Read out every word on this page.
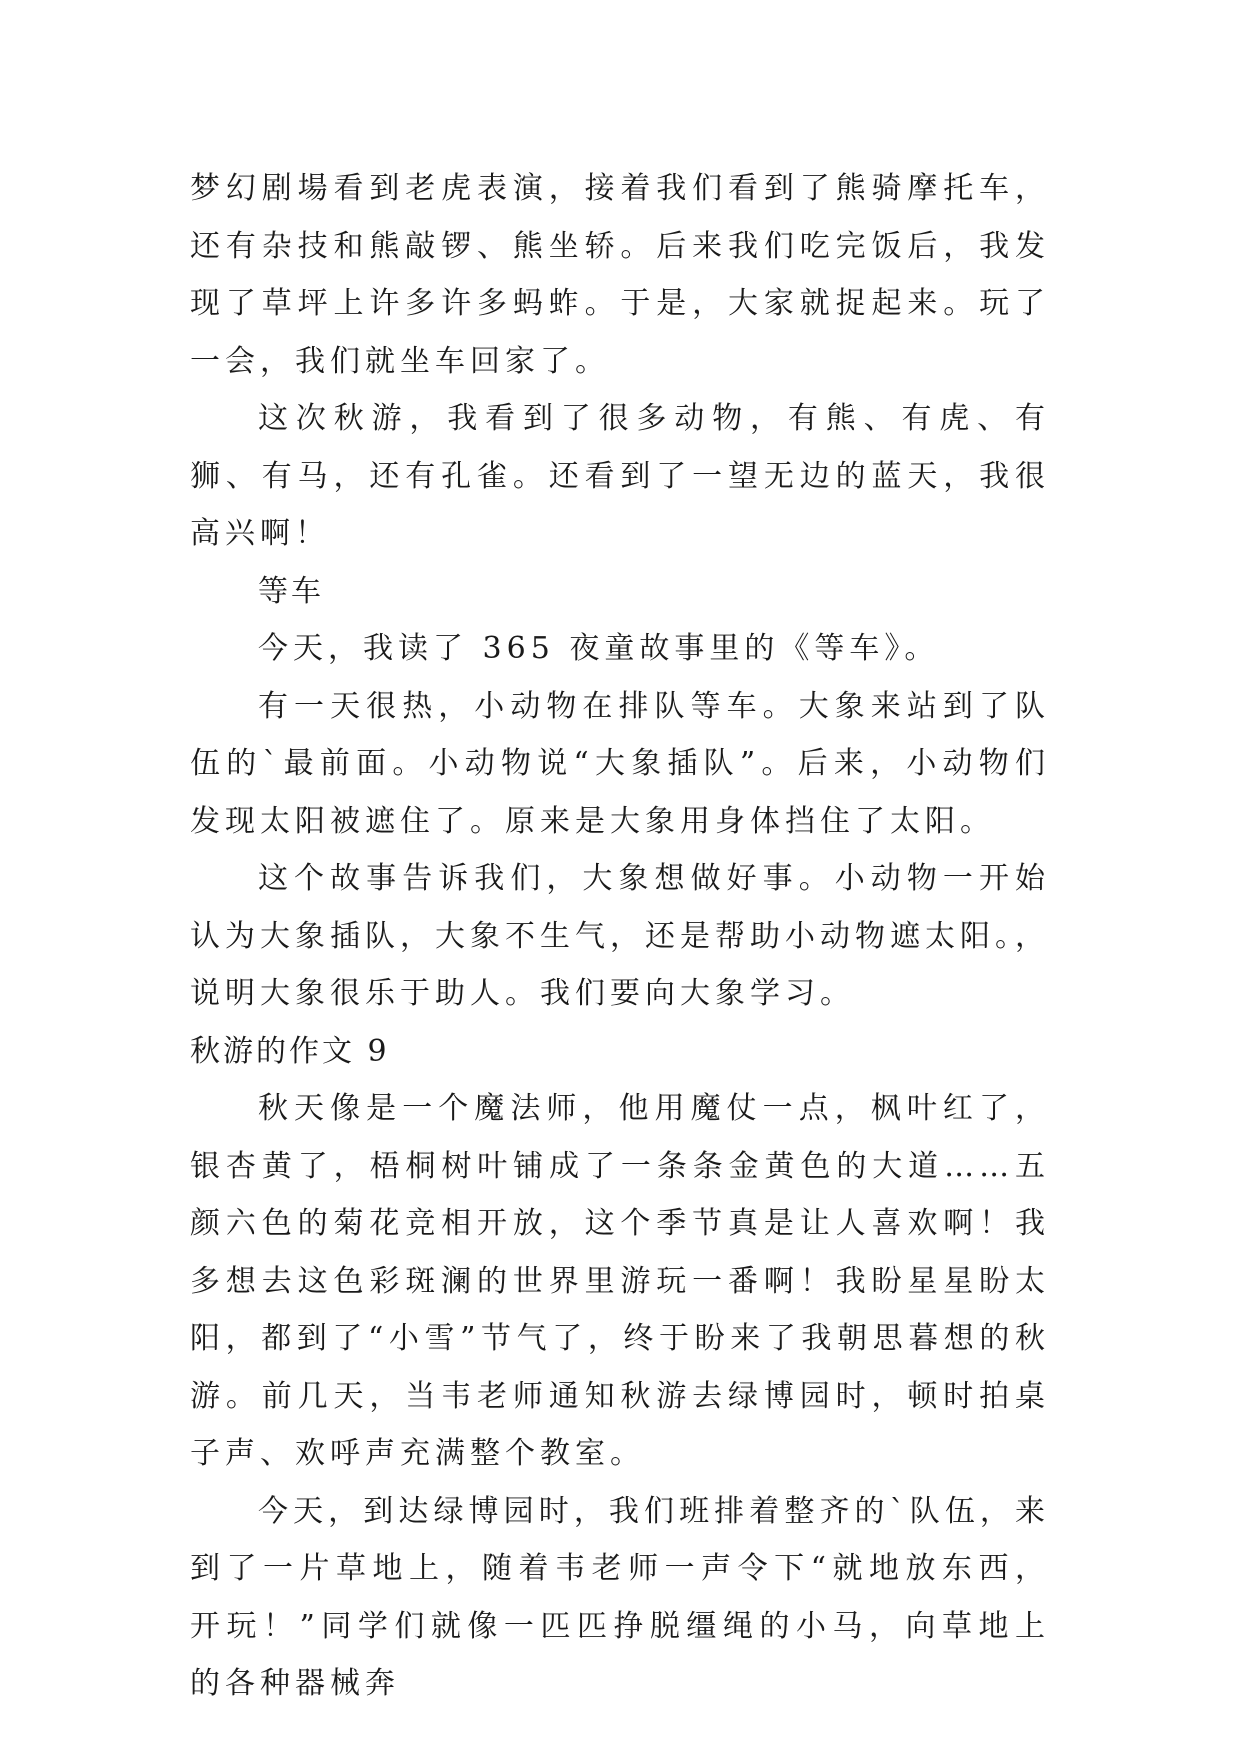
梦幻剧場看到老虎表演，接着我们看到了熊骑摩托车，还有杂技和熊敲锣、熊坐轿。后来我们吃完饭后，我发现了草坪上许多许多蚂蚱。于是，大家就捉起来。玩了一会，我们就坐车回家了。

这次秋游，我看到了很多动物，有熊、有虎、有狮、有马，还有孔雀。还看到了一望无边的蓝天，我很高兴啊！

等车

今天，我读了 365 夜童故事里的《等车》。

有一天很热，小动物在排队等车。大象来站到了队伍的`最前面。小动物说“大象插队”。后来，小动物们发现太阳被遮住了。原来是大象用身体挡住了太阳。

这个故事告诉我们，大象想做好事。小动物一开始认为大象插队，大象不生气，还是帮助小动物遮太阳。，说明大象很乐于助人。我们要向大象学习。

秋游的作文 9

秋天像是一个魔法师，他用魔仗一点，枫叶红了，银杏黄了，梧桐树叶铺成了一条条金黄色的大道……五颜六色的菊花竞相开放，这个季节真是让人喜欢啊！我多想去这色彩斑澜的世界里游玩一番啊！我盼星星盼太阳，都到了“小雪”节气了，终于盼来了我朝思暮想的秋游。前几天，当韦老师通知秋游去绿博园时，顿时拍桌子声、欢呼声充满整个教室。

今天，到达绿博园时，我们班排着整齐的`队伍，来到了一片草地上，随着韦老师一声令下“就地放东西，开玩！”同学们就像一匹匹挣脱缰绳的小马，向草地上的各种器械奔
